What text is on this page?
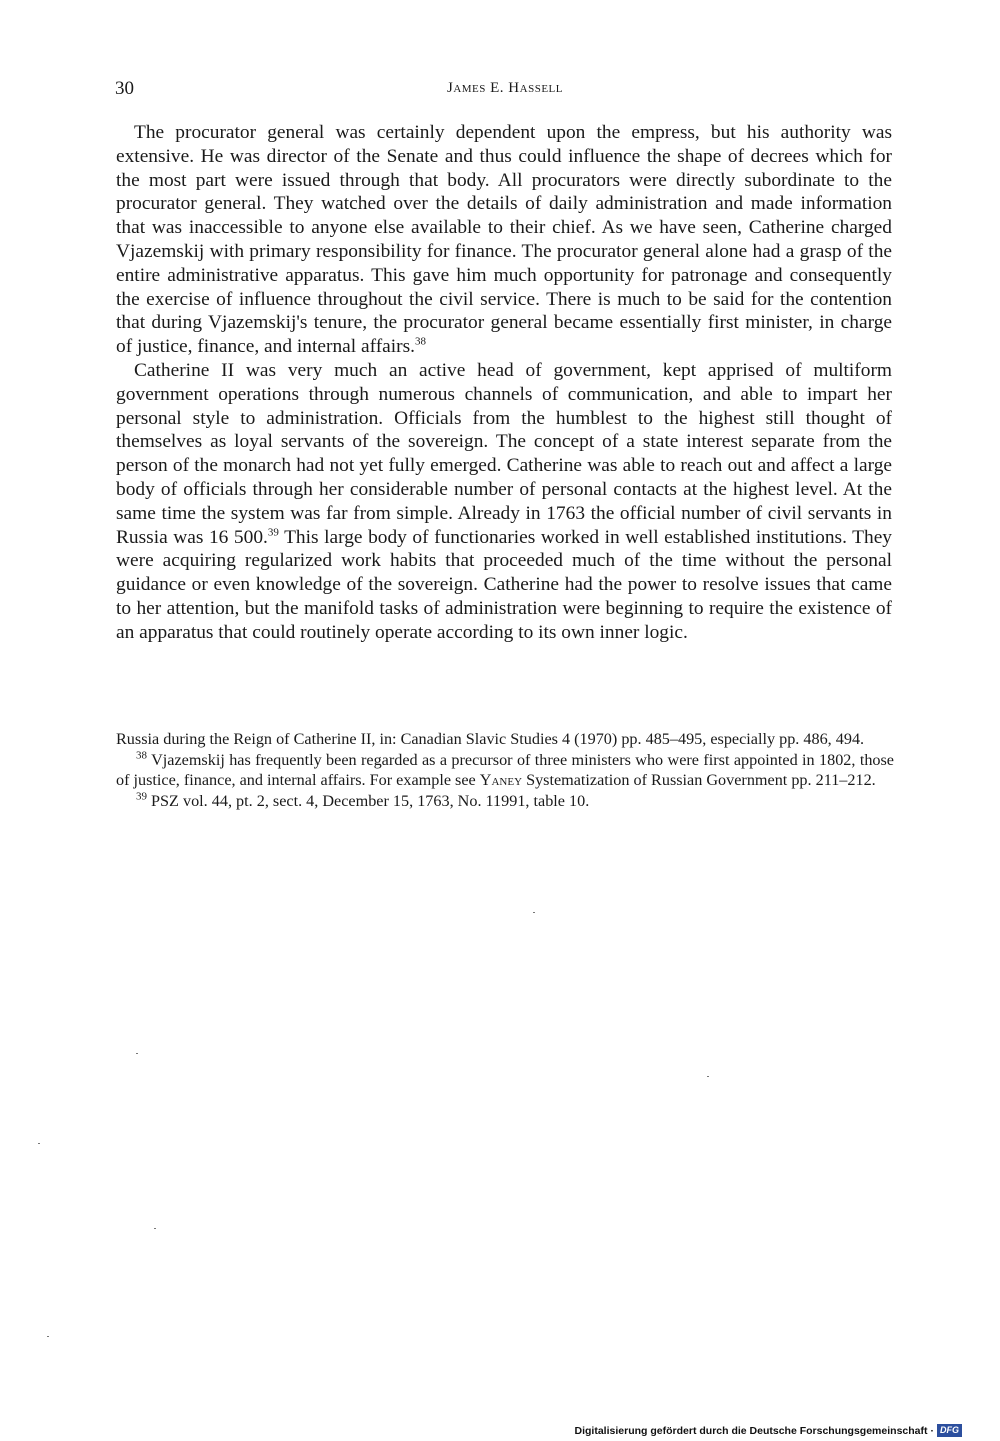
30	James E. Hassell

The procurator general was certainly dependent upon the empress, but his authority was extensive. He was director of the Senate and thus could influence the shape of decrees which for the most part were issued through that body. All procurators were directly subordinate to the procurator general. They watched over the details of daily administration and made information that was inaccessible to anyone else available to their chief. As we have seen, Catherine charged Vjazemskij with primary responsibility for finance. The procurator general alone had a grasp of the entire administrative apparatus. This gave him much opportunity for patronage and consequently the exercise of influence throughout the civil service. There is much to be said for the contention that during Vjazemskij's tenure, the procurator general became essentially first minister, in charge of justice, finance, and internal affairs.$^{38}$

Catherine II was very much an active head of government, kept apprised of multiform government operations through numerous channels of communication, and able to impart her personal style to administration. Officials from the humblest to the highest still thought of themselves as loyal servants of the sovereign. The concept of a state interest separate from the person of the monarch had not yet fully emerged. Catherine was able to reach out and affect a large body of officials through her considerable number of personal contacts at the highest level. At the same time the system was far from simple. Already in 1763 the official number of civil servants in Russia was 16 500.39 This large body of functionaries worked in well established institutions. They were acquiring regularized work habits that proceeded much of the time without the personal guidance or even knowledge of the sovereign. Catherine had the power to resolve issues that came to her attention, but the manifold tasks of administration were beginning to require the existence of an apparatus that could routinely operate according to its own inner logic.

Russia during the Reign of Catherine II, in: Canadian Slavic Studies 4 (1970) pp. 485–495, especially pp. 486, 494.

$^{38}$ Vjazemskij has frequently been regarded as a precursor of three ministers who were first appointed in 1802, those of justice, finance, and internal affairs. For example see Yaney Systematization of Russian Government pp. 211–212.

$^{39}$ PSZ vol. 44, pt. 2, sect. 4, December 15, 1763, No. 11991, table 10.

Digitalisierung gefördert durch die Deutsche Forschungsgemeinschaft · DFG
